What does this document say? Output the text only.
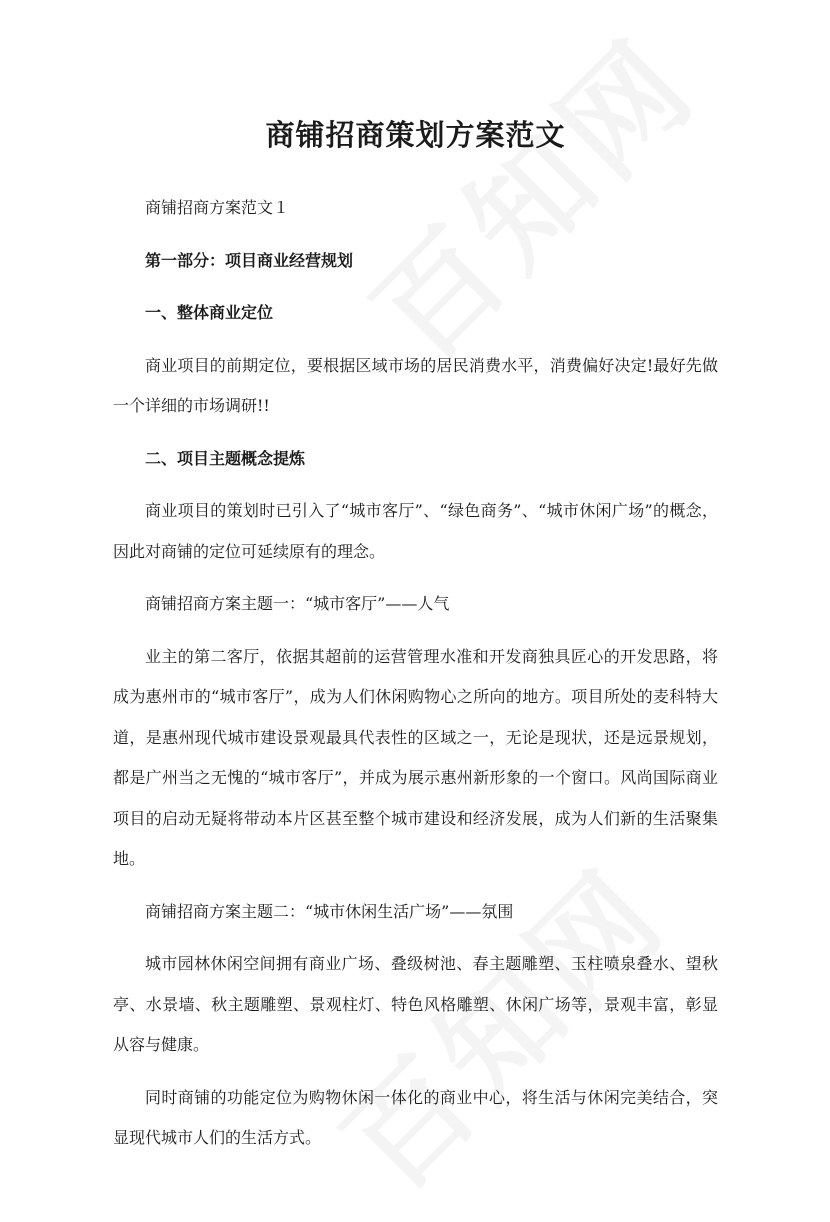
商铺招商策划方案范文

商铺招商方案范文１

第一部分：项目商业经营规划

一、整体商业定位

商业项目的前期定位，要根据区域市场的居民消费水平，消费偏好决定!最好先做一个详细的市场调研!!

二、项目主题概念提炼

商业项目的策划时已引入了“城市客厅”、“绿色商务”、“城市休闲广场”的概念，因此对商铺的定位可延续原有的理念。

商铺招商方案主题一：“城市客厅”——人气

业主的第二客厅，依据其超前的运营管理水准和开发商独具匠心的开发思路，将成为惠州市的“城市客厅”，成为人们休闲购物心之所向的地方。项目所处的麦科特大道，是惠州现代城市建设景观最具代表性的区域之一，无论是现状，还是远景规划，都是广州当之无愧的“城市客厅”，并成为展示惠州新形象的一个窗口。风尚国际商业项目的启动无疑将带动本片区甚至整个城市建设和经济发展，成为人们新的生活聚集地。

商铺招商方案主题二：“城市休闲生活广场”——氛围

城市园林休闲空间拥有商业广场、叠级树池、春主题雕塑、玉柱喷泉叠水、望秋亭、水景墙、秋主题雕塑、景观柱灯、特色风格雕塑、休闲广场等，景观丰富，彰显从容与健康。

同时商铺的功能定位为购物休闲一体化的商业中心，将生活与休闲完美结合，突显现代城市人们的生活方式。
